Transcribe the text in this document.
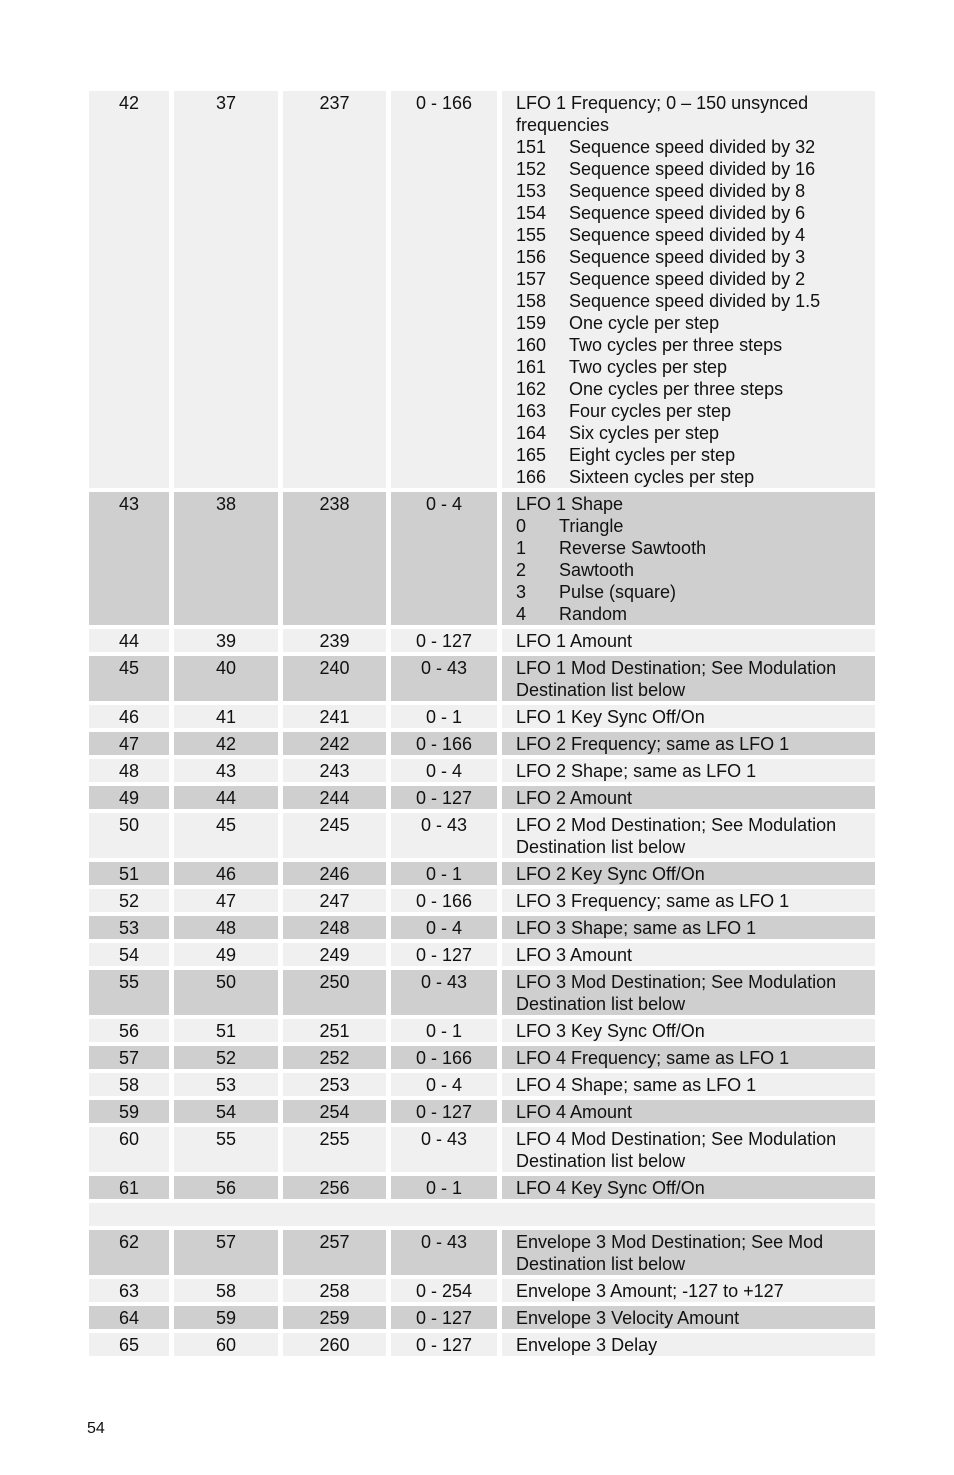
42	37	237	0 - 166	LFO 1 Frequency; 0 – 150 unsynced
frequencies
151	Sequence speed divided by 32
152	Sequence speed divided by 16
153	Sequence speed divided by 8
154	Sequence speed divided by 6
155	Sequence speed divided by 4
156	Sequence speed divided by 3
157	Sequence speed divided by 2
158	Sequence speed divided by 1.5
159	One cycle per step
160	Two cycles per three steps
161	Two cycles per step
162	One cycles per three steps
163	Four cycles per step
164	Six cycles per step
165	Eight cycles per step
166	Sixteen cycles per step
43	38	238	0 - 4	LFO 1 Shape
0	Triangle
1	Reverse Sawtooth
2	Sawtooth
3	Pulse (square)
4	Random
44	39	239	0 - 127	LFO 1 Amount
45	40	240	0 - 43	LFO 1 Mod Destination; See Modulation
Destination list below
46	41	241	0 - 1	LFO 1 Key Sync Off/On
47	42	242	0 - 166	LFO 2 Frequency; same as LFO 1
48	43	243	0 - 4	LFO 2 Shape; same as LFO 1
49	44	244	0 - 127	LFO 2 Amount
50	45	245	0 - 43	LFO 2 Mod Destination; See Modulation
Destination list below
51	46	246	0 - 1	LFO 2 Key Sync Off/On
52	47	247	0 - 166	LFO 3 Frequency; same as LFO 1
53	48	248	0 - 4	LFO 3 Shape; same as LFO 1
54	49	249	0 - 127	LFO 3 Amount
55	50	250	0 - 43	LFO 3 Mod Destination; See Modulation
Destination list below
56	51	251	0 - 1	LFO 3 Key Sync Off/On
57	52	252	0 - 166	LFO 4 Frequency; same as LFO 1
58	53	253	0 - 4	LFO 4 Shape; same as LFO 1
59	54	254	0 - 127	LFO 4 Amount
60	55	255	0 - 43	LFO 4 Mod Destination; See Modulation
Destination list below
61	56	256	0 - 1	LFO 4 Key Sync Off/On
62	57	257	0 - 43	Envelope 3 Mod Destination; See Mod
Destination list below
63	58	258	0 - 254	Envelope 3 Amount; -127 to +127
64	59	259	0 - 127	Envelope 3 Velocity Amount
65	60	260	0 - 127	Envelope 3 Delay
54
